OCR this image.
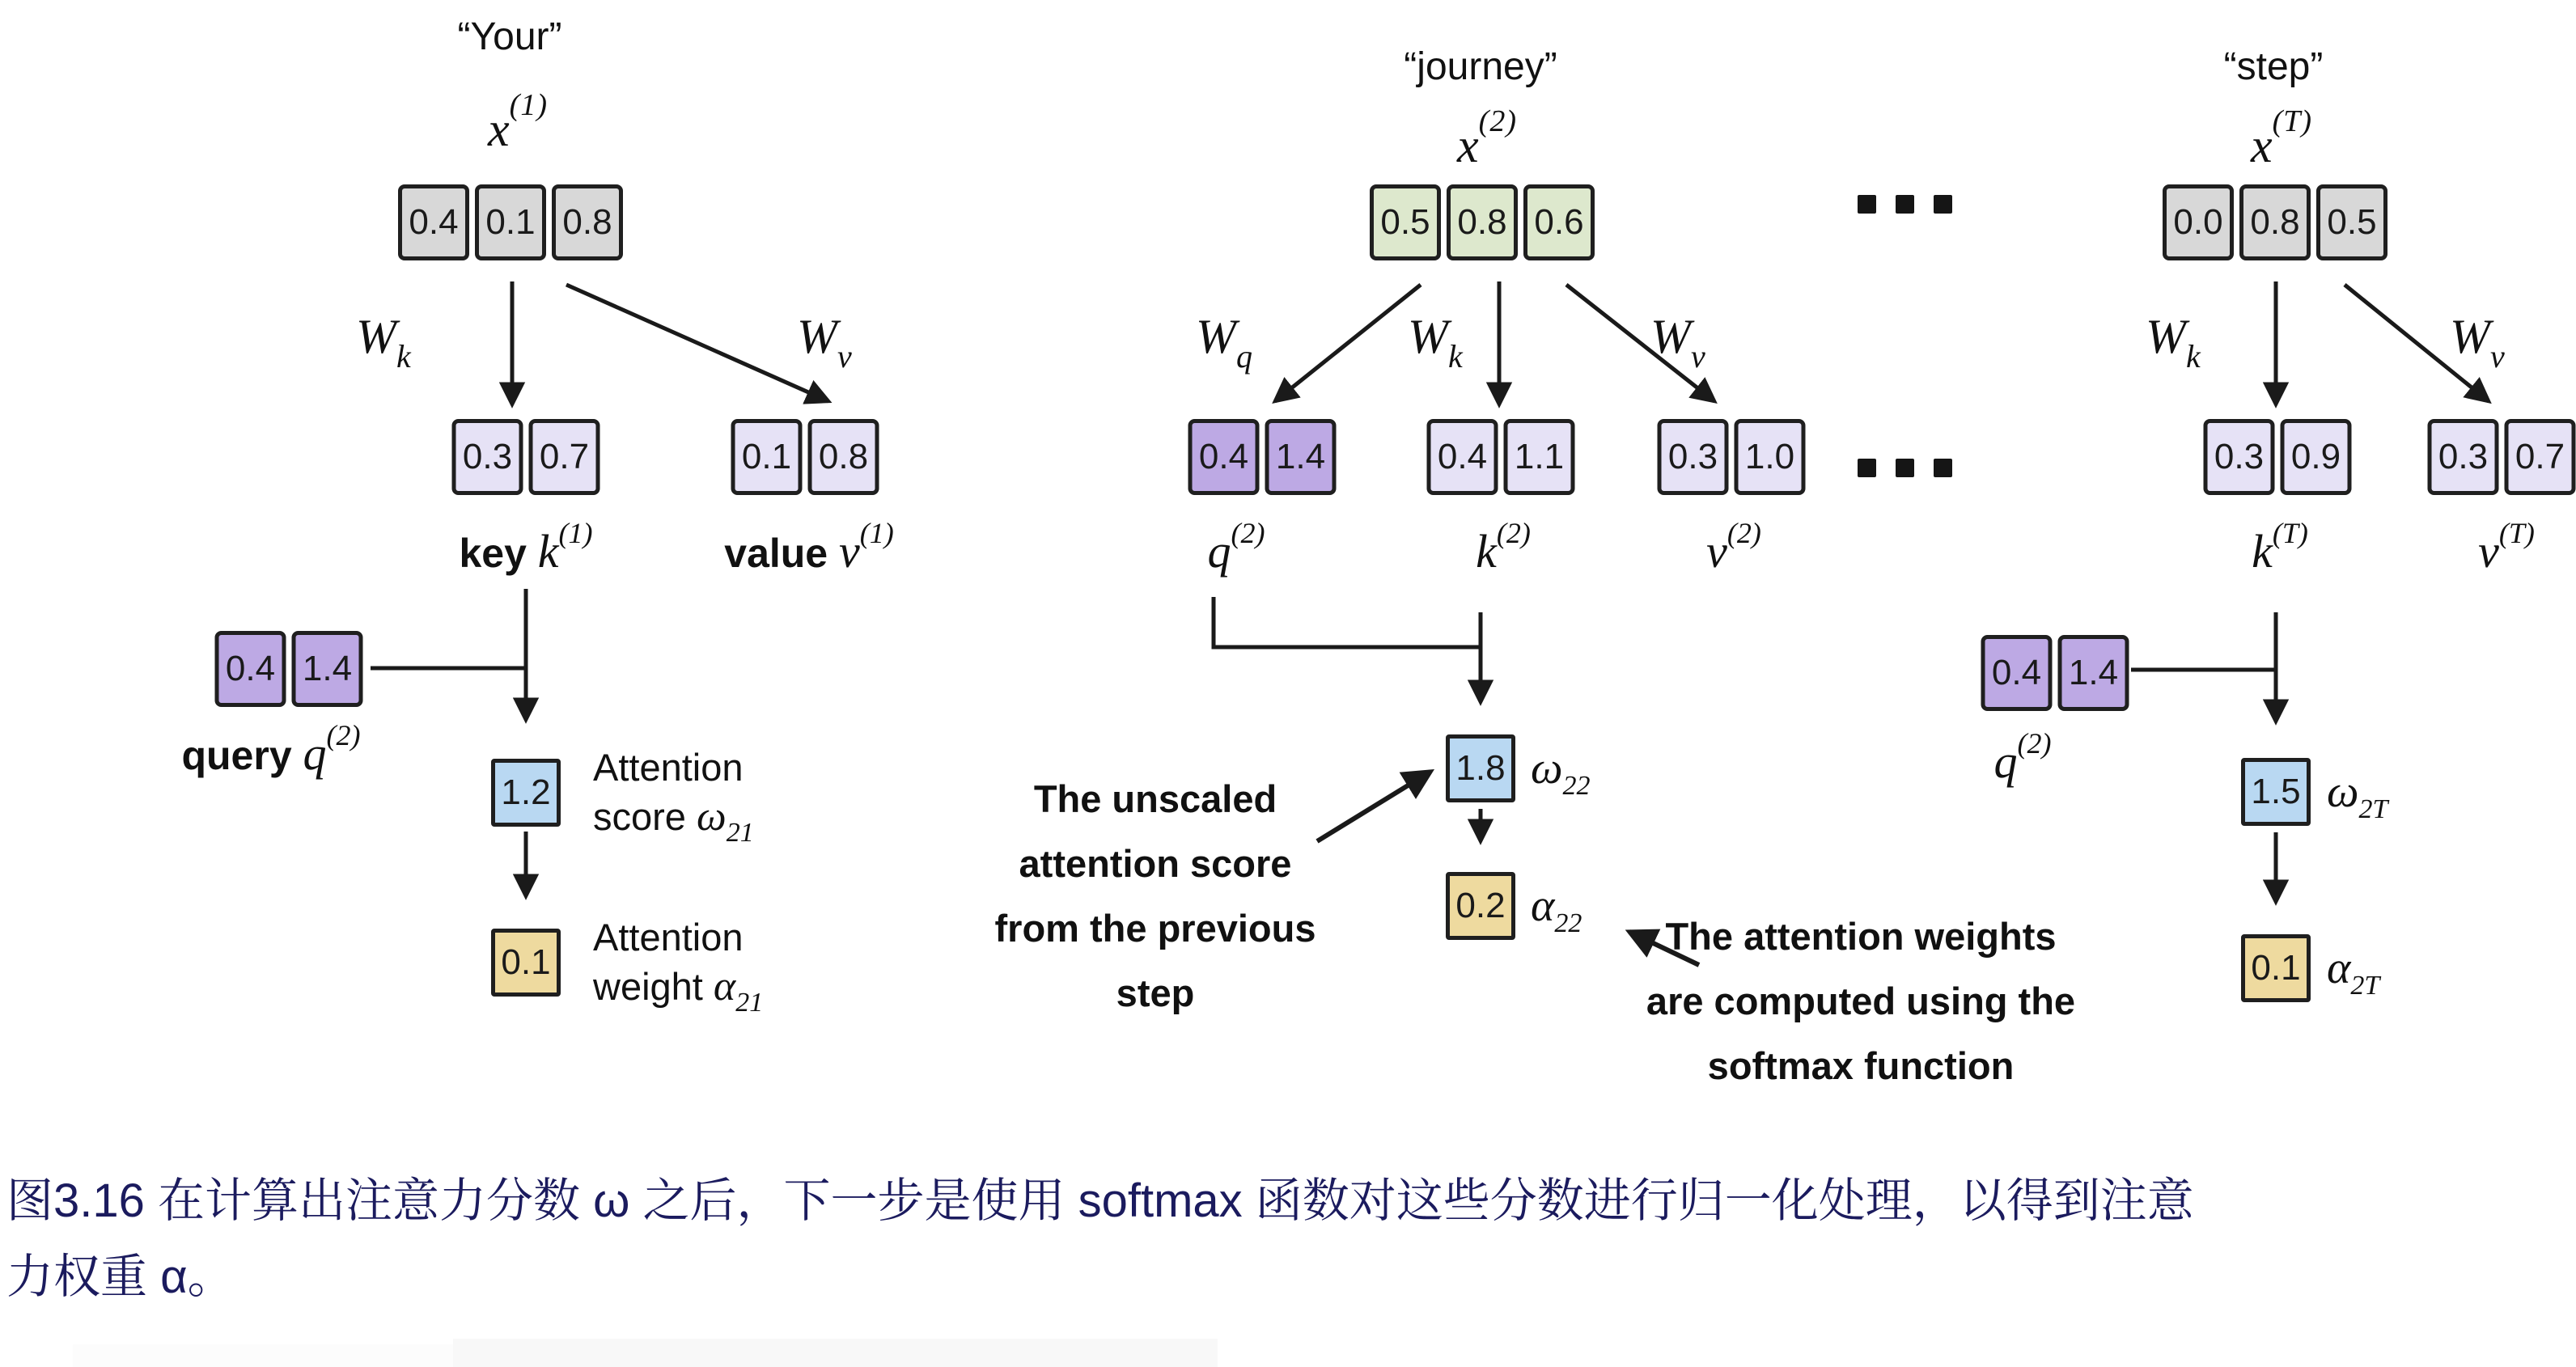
“Your”
$x^{(1)}$
0.4 0.1 0.8
$W_k$	$W_v$
0.3 0.7	0.1 0.8
key $k^{(1)}$	value $v^{(1)}$
0.4 1.4
query $q^{(2)}$
1.2
Attention
score $\omega_{21}$
0.1
Attention
weight $\alpha_{21}$
“journey”
$x^{(2)}$
0.5 0.8 0.6
$W_q$	$W_k$	$W_v$
0.4 1.4	0.4 1.1	0.3 1.0
$q^{(2)}$	$k^{(2)}$	$v^{(2)}$
1.8 $\omega_{22}$
0.2 $\alpha_{22}$
“step”
$x^{(T)}$
0.0 0.8 0.5
$W_k$	$W_v$
0.3 0.9	0.3 0.7
$k^{(T)}$	$v^{(T)}$
0.4 1.4
$q^{(2)}$
1.5 $\omega_{2T}$
0.1 $\alpha_{2T}$
The unscaled
attention score
from the previous
step
The attention weights
are computed using the
softmax function
图3.16 在计算出注意力分数 ω 之后，下一步是使用 softmax 函数对这些分数进行归一化处理，以得到注意
力权重 α。
